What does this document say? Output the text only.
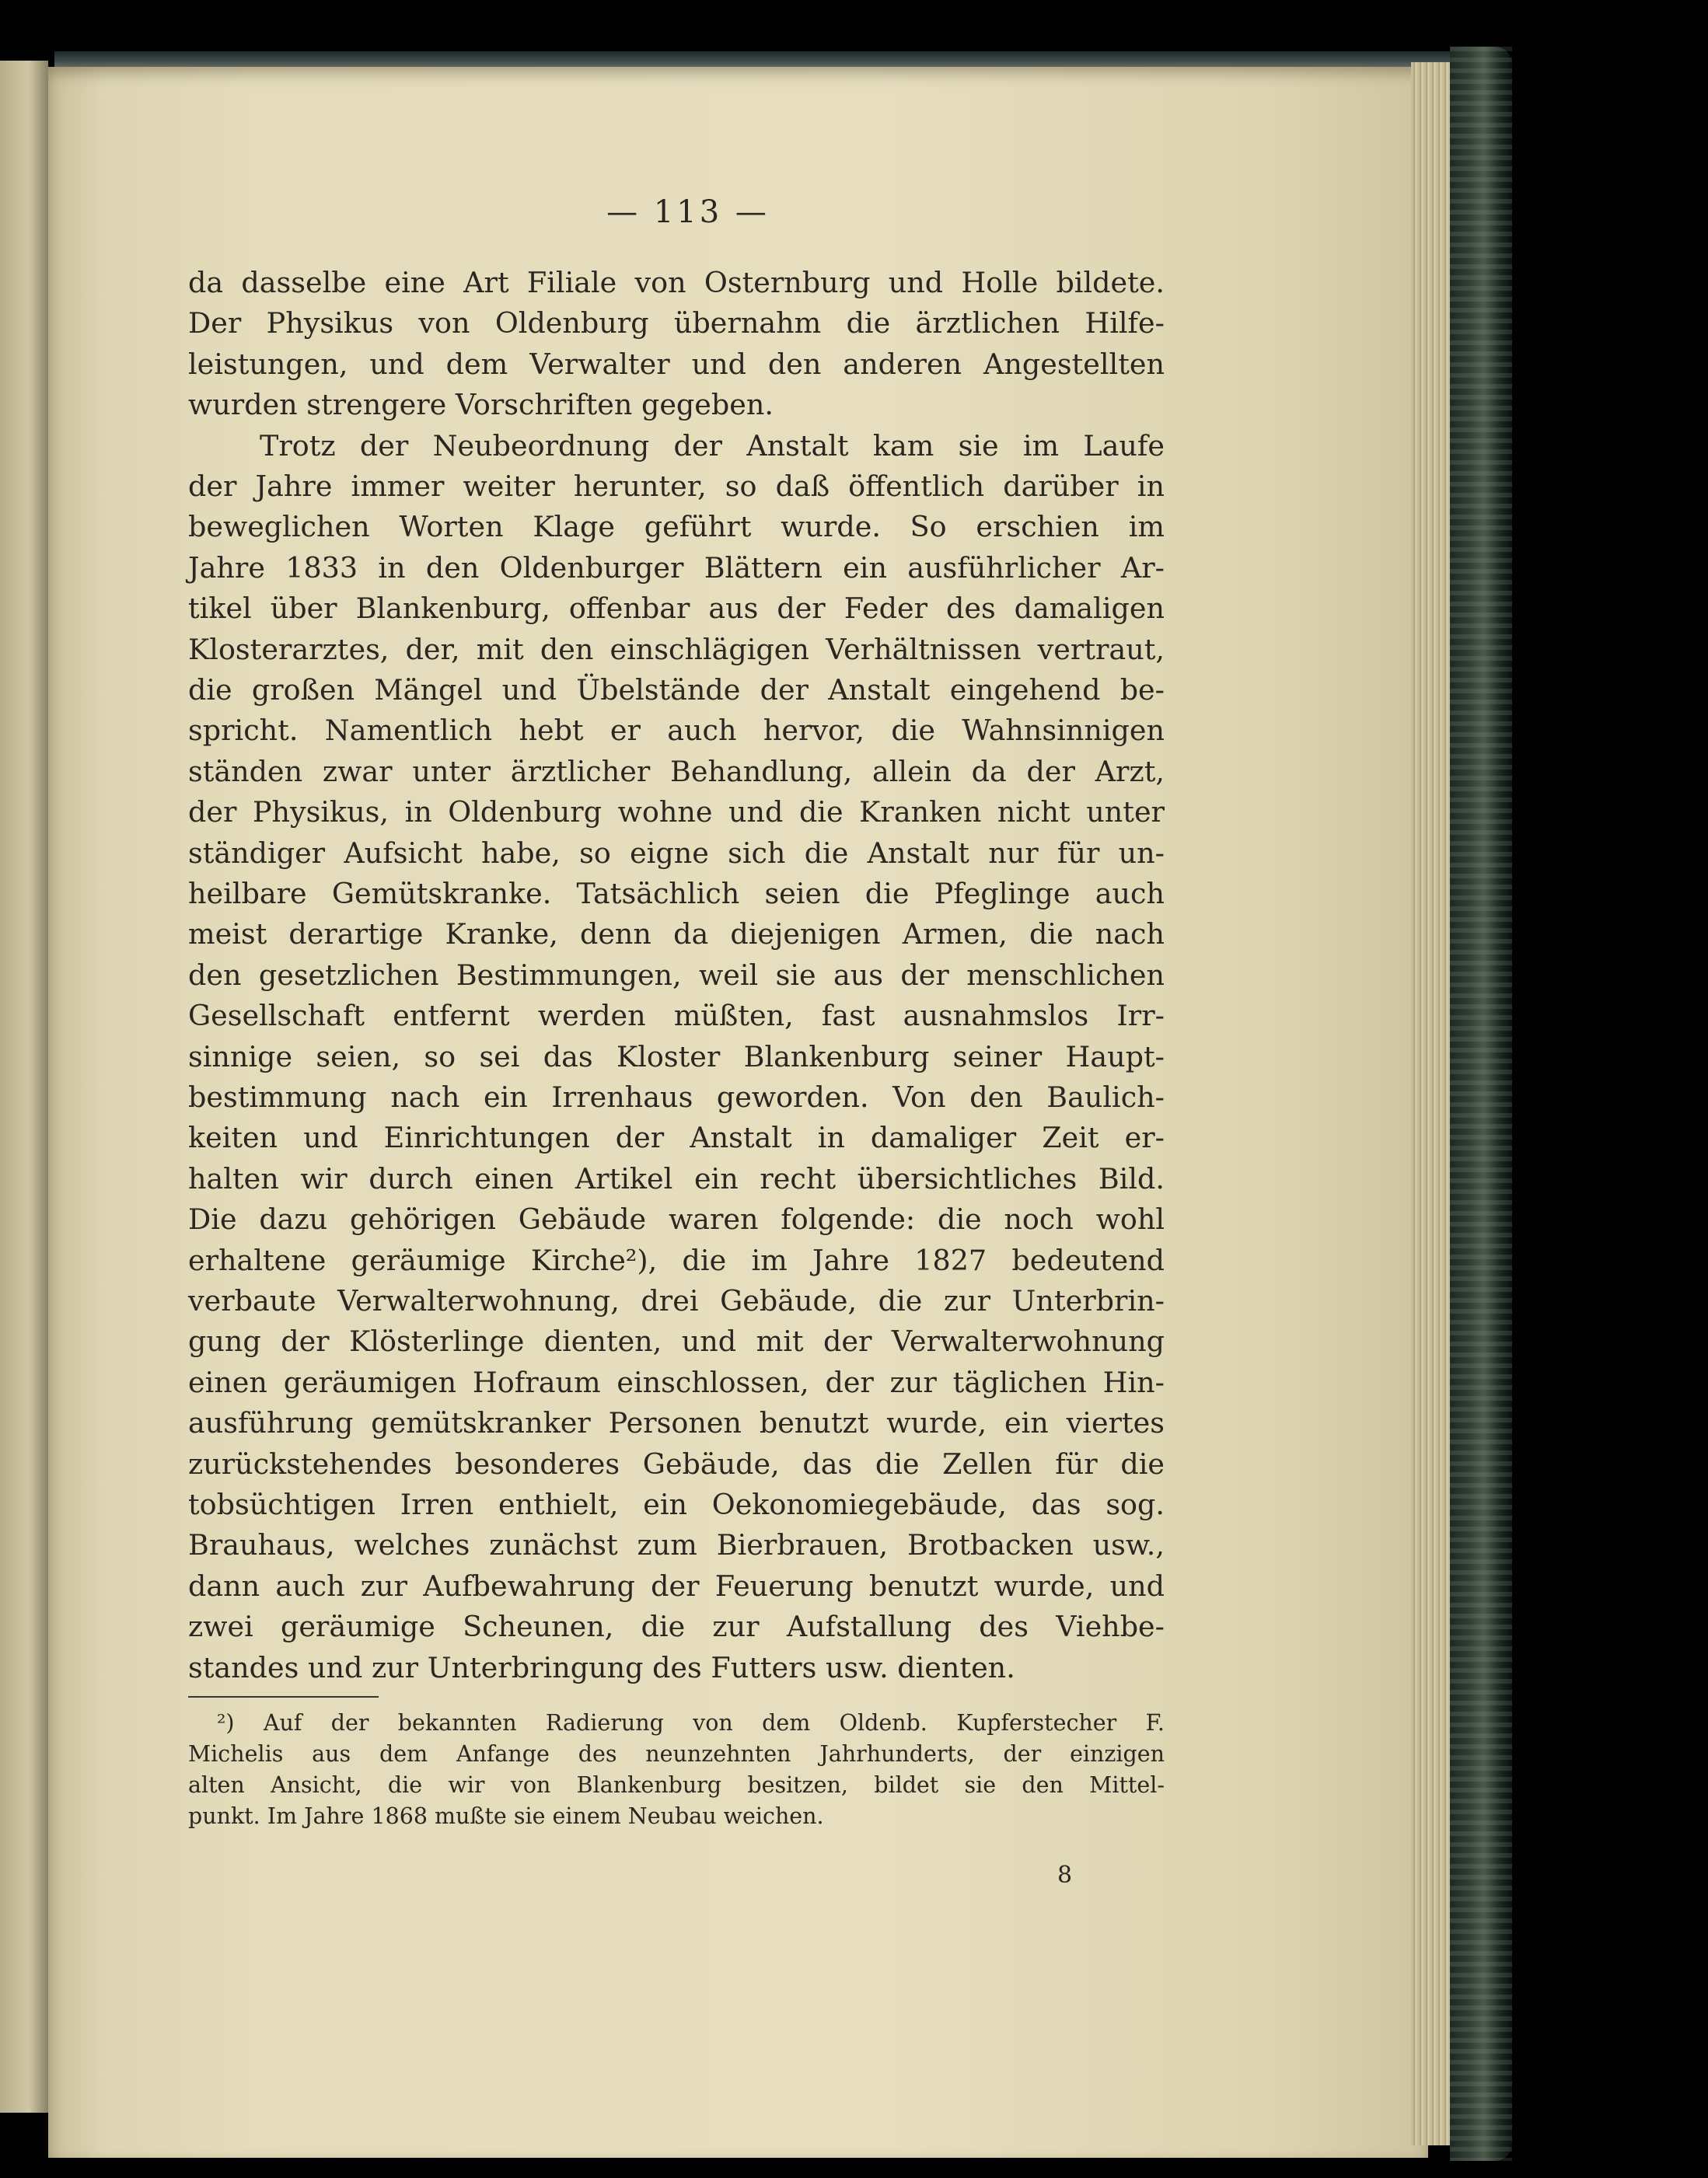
— 113 —
da dasselbe eine Art Filiale von Osternburg und Holle bildete.
Der Physikus von Oldenburg übernahm die ärztlichen Hilfe-
leistungen, und dem Verwalter und den anderen Angestellten
wurden strengere Vorschriften gegeben.
Trotz der Neubeordnung der Anstalt kam sie im Laufe
der Jahre immer weiter herunter, so daß öffentlich darüber in
beweglichen Worten Klage geführt wurde. So erschien im
Jahre 1833 in den Oldenburger Blättern ein ausführlicher Ar-
tikel über Blankenburg, offenbar aus der Feder des damaligen
Klosterarztes, der, mit den einschlägigen Verhältnissen vertraut,
die großen Mängel und Übelstände der Anstalt eingehend be-
spricht. Namentlich hebt er auch hervor, die Wahnsinnigen
ständen zwar unter ärztlicher Behandlung, allein da der Arzt,
der Physikus, in Oldenburg wohne und die Kranken nicht unter
ständiger Aufsicht habe, so eigne sich die Anstalt nur für un-
heilbare Gemütskranke. Tatsächlich seien die Pfeglinge auch
meist derartige Kranke, denn da diejenigen Armen, die nach
den gesetzlichen Bestimmungen, weil sie aus der menschlichen
Gesellschaft entfernt werden müßten, fast ausnahmslos Irr-
sinnige seien, so sei das Kloster Blankenburg seiner Haupt-
bestimmung nach ein Irrenhaus geworden. Von den Baulich-
keiten und Einrichtungen der Anstalt in damaliger Zeit er-
halten wir durch einen Artikel ein recht übersichtliches Bild.
Die dazu gehörigen Gebäude waren folgende: die noch wohl
erhaltene geräumige Kirche²), die im Jahre 1827 bedeutend
verbaute Verwalterwohnung, drei Gebäude, die zur Unterbrin-
gung der Klösterlinge dienten, und mit der Verwalterwohnung
einen geräumigen Hofraum einschlossen, der zur täglichen Hin-
ausführung gemütskranker Personen benutzt wurde, ein viertes
zurückstehendes besonderes Gebäude, das die Zellen für die
tobsüchtigen Irren enthielt, ein Oekonomiegebäude, das sog.
Brauhaus, welches zunächst zum Bierbrauen, Brotbacken usw.,
dann auch zur Aufbewahrung der Feuerung benutzt wurde, und
zwei geräumige Scheunen, die zur Aufstallung des Viehbe-
standes und zur Unterbringung des Futters usw. dienten.
²) Auf der bekannten Radierung von dem Oldenb. Kupferstecher F.
Michelis aus dem Anfange des neunzehnten Jahrhunderts, der einzigen
alten Ansicht, die wir von Blankenburg besitzen, bildet sie den Mittel-
punkt. Im Jahre 1868 mußte sie einem Neubau weichen.
8
